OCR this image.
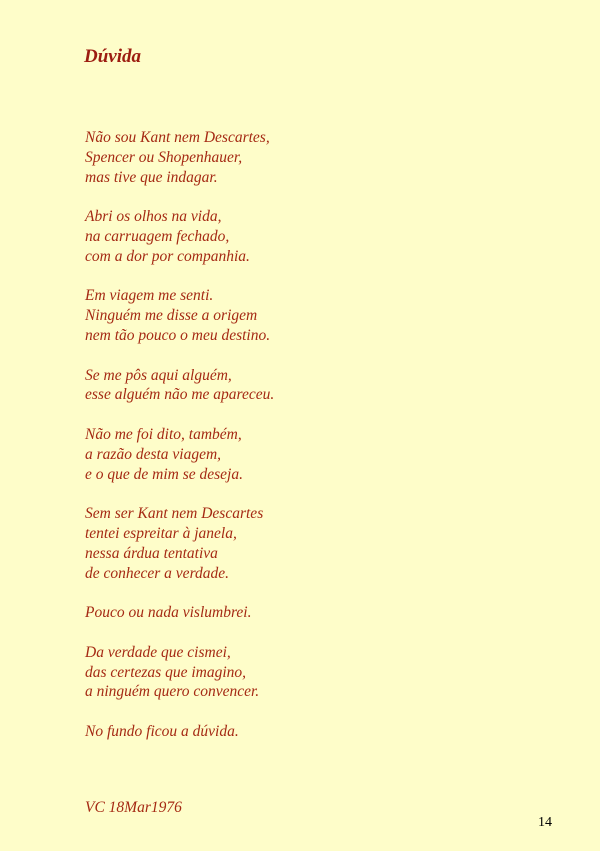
Dúvida
Não sou Kant nem Descartes,
Spencer ou Shopenhauer,
mas tive que indagar.
Abri os olhos na vida,
na carruagem fechado,
com a dor por companhia.
Em viagem me senti.
Ninguém me disse a origem
nem tão pouco o meu destino.
Se me pôs aqui alguém,
esse alguém não me apareceu.
Não me foi dito, também,
a razão desta viagem,
e o que de mim se deseja.
Sem ser Kant nem Descartes
tentei espreitar à janela,
nessa árdua tentativa
de conhecer a verdade.
Pouco ou nada vislumbrei.
Da verdade que cismei,
das certezas que imagino,
a ninguém quero convencer.
No fundo ficou a dúvida.
VC 18Mar1976
14
